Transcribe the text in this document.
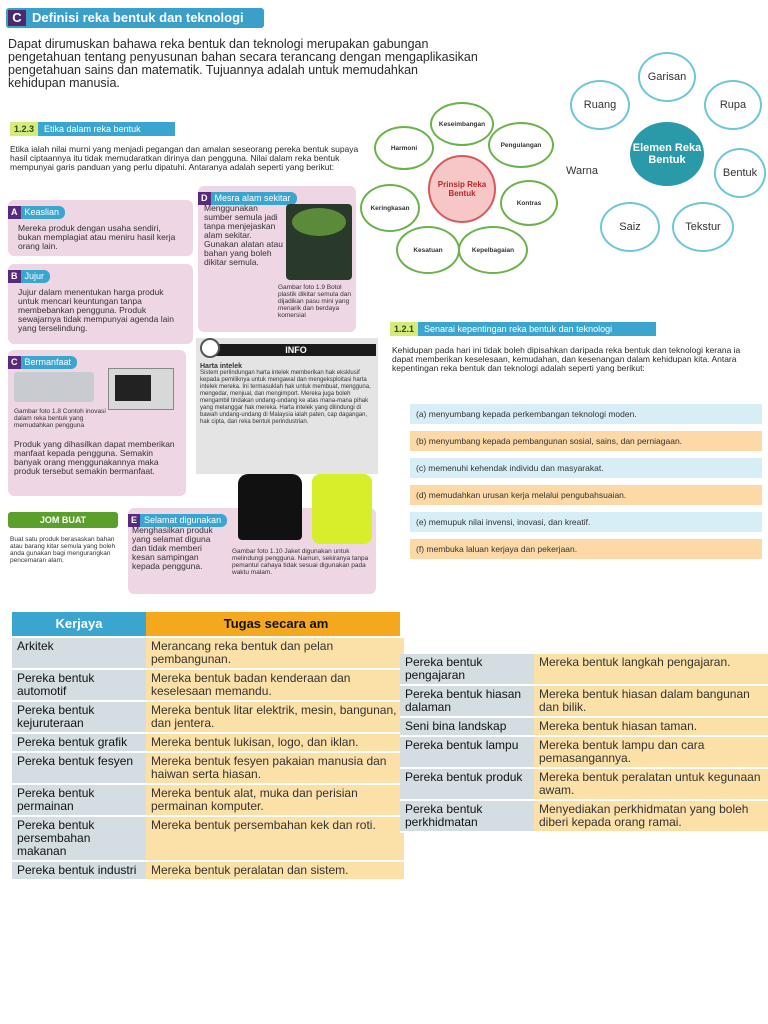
C Definisi reka bentuk dan teknologi
Dapat dirumuskan bahawa reka bentuk dan teknologi merupakan gabungan pengetahuan tentang penyusunan bahan secara terancang dengan mengaplikasikan pengetahuan sains dan matematik. Tujuannya adalah untuk memudahkan kehidupan manusia.
Prinsip Reka Bentuk
Keseimbangan
Pengulangan
Kontras
Kepelbagaian
Kesatuan
Keringkasan
Harmoni	Elemen Reka Bentuk
Garisan
Rupa
Bentuk
Tekstur
Saiz
Warna
Ruang
1.2.3 Etika dalam reka bentuk
Etika ialah nilai murni yang menjadi pegangan dan amalan seseorang pereka bentuk supaya hasil ciptaannya itu tidak memudaratkan dirinya dan pengguna. Nilai dalam reka bentuk mempunyai garis panduan yang perlu dipatuhi. Antaranya adalah seperti yang berikut:
A Keaslian
Mereka produk dengan usaha sendiri, bukan memplagiat atau meniru hasil kerja orang lain.
B Jujur
Jujur dalam menentukan harga produk untuk mencari keuntungan tanpa membebankan pengguna. Produk sewajarnya tidak mempunyai agenda lain yang terselindung.
D Mesra alam sekitar
Menggunakan sumber semula jadi tanpa menjejaskan alam sekitar. Gunakan alatan atau bahan yang boleh dikitar semula.
Gambar foto 1.9 Botol plastik dikitar semula dan dijadikan pasu mini yang menarik dan berdaya komersial
C Bermanfaat
Gambar foto 1.8 Contoh inovasi dalam reka bentuk yang memudahkan pengguna
Produk yang dihasilkan dapat memberikan manfaat kepada pengguna. Semakin banyak orang menggunakannya maka produk tersebut semakin bermanfaat.
INFO
Harta intelek
Sistem perlindungan harta intelek memberikan hak eksklusif kepada pemiliknya untuk mengawal dan mengeksploitasi harta intelek mereka. Ini termasuklah hak untuk membuat, mengguna, mengedar, menjual, dan mengimport. Mereka juga boleh mengambil tindakan undang-undang ke atas mana-mana pihak yang melanggar hak mereka. Harta intelek yang dilindungi di bawah undang-undang di Malaysia ialah paten, cap dagangan, hak cipta, dan reka bentuk perindustrian.
JOM BUAT
Buat satu produk berasaskan bahan atau barang kitar semula yang boleh anda gunakan bagi mengurangkan pencemaran alam.
E Selamat digunakan
Menghasilkan produk yang selamat diguna dan tidak memberi kesan sampingan kepada pengguna.
Gambar foto 1.10 Jaket digunakan untuk melindungi pengguna. Namun, sekiranya tanpa pemantul cahaya tidak sesuai digunakan pada waktu malam.
1.2.1 Senarai kepentingan reka bentuk dan teknologi
Kehidupan pada hari ini tidak boleh dipisahkan daripada reka bentuk dan teknologi kerana ia dapat memberikan keselesaan, kemudahan, dan kesenangan dalam kehidupan kita. Antara kepentingan reka bentuk dan teknologi adalah seperti yang berikut:
(a) menyumbang kepada perkembangan teknologi moden.
(b) menyumbang kepada pembangunan sosial, sains, dan perniagaan.
(c) memenuhi kehendak individu dan masyarakat.
(d) memudahkan urusan kerja melalui pengubahsuaian.
(e) memupuk nilai invensi, inovasi, dan kreatif.
(f) membuka laluan kerjaya dan pekerjaan.
Kerjaya	Tugas secara am
Arkitek	Merancang reka bentuk dan pelan pembangunan.
Pereka bentuk automotif	Mereka bentuk badan kenderaan dan keselesaan memandu.
Pereka bentuk kejuruteraan	Mereka bentuk litar elektrik, mesin, bangunan, dan jentera.
Pereka bentuk grafik	Mereka bentuk lukisan, logo, dan iklan.
Pereka bentuk fesyen	Mereka bentuk fesyen pakaian manusia dan haiwan serta hiasan.
Pereka bentuk permainan	Mereka bentuk alat, muka dan perisian permainan komputer.
Pereka bentuk persembahan makanan	Mereka bentuk persembahan kek dan roti.
Pereka bentuk industri	Mereka bentuk peralatan dan sistem.
Pereka bentuk pengajaran	Mereka bentuk langkah pengajaran.
Pereka bentuk hiasan dalaman	Mereka bentuk hiasan dalam bangunan dan bilik.
Seni bina landskap	Mereka bentuk hiasan taman.
Pereka bentuk lampu	Mereka bentuk lampu dan cara pemasangannya.
Pereka bentuk produk	Mereka bentuk peralatan untuk kegunaan awam.
Pereka bentuk perkhidmatan	Menyediakan perkhidmatan yang boleh diberi kepada orang ramai.
